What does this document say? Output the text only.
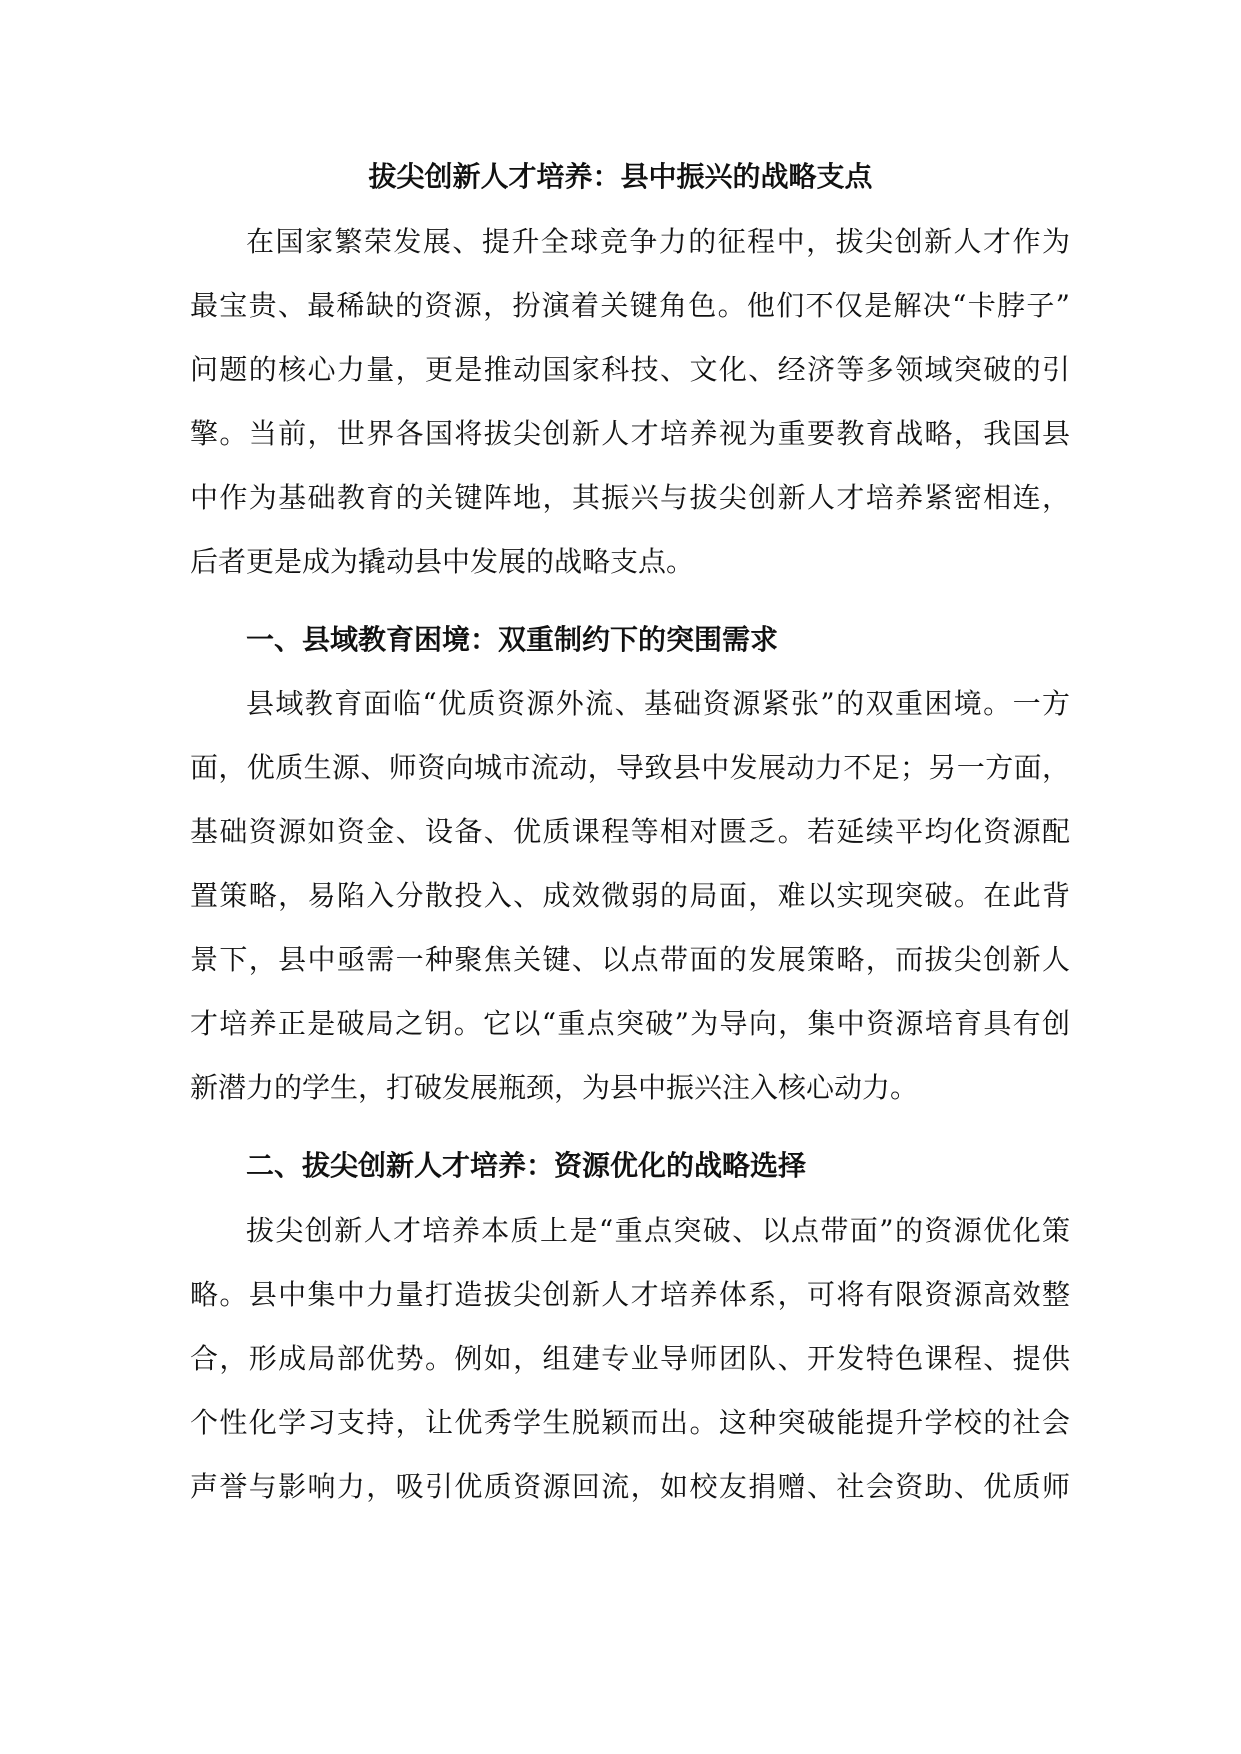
拔尖创新人才培养：县中振兴的战略支点
在国家繁荣发展、提升全球竞争力的征程中，拔尖创新人才作为
最宝贵、最稀缺的资源，扮演着关键角色。他们不仅是解决“卡脖子”
问题的核心力量，更是推动国家科技、文化、经济等多领域突破的引
擎。当前，世界各国将拔尖创新人才培养视为重要教育战略，我国县
中作为基础教育的关键阵地，其振兴与拔尖创新人才培养紧密相连，
后者更是成为撬动县中发展的战略支点。
一、县域教育困境：双重制约下的突围需求
县域教育面临“优质资源外流、基础资源紧张”的双重困境。一方
面，优质生源、师资向城市流动，导致县中发展动力不足；另一方面，
基础资源如资金、设备、优质课程等相对匮乏。若延续平均化资源配
置策略，易陷入分散投入、成效微弱的局面，难以实现突破。在此背
景下，县中亟需一种聚焦关键、以点带面的发展策略，而拔尖创新人
才培养正是破局之钥。它以“重点突破”为导向，集中资源培育具有创
新潜力的学生，打破发展瓶颈，为县中振兴注入核心动力。
二、拔尖创新人才培养：资源优化的战略选择
拔尖创新人才培养本质上是“重点突破、以点带面”的资源优化策
略。县中集中力量打造拔尖创新人才培养体系，可将有限资源高效整
合，形成局部优势。例如，组建专业导师团队、开发特色课程、提供
个性化学习支持，让优秀学生脱颖而出。这种突破能提升学校的社会
声誉与影响力，吸引优质资源回流，如校友捐赠、社会资助、优质师
